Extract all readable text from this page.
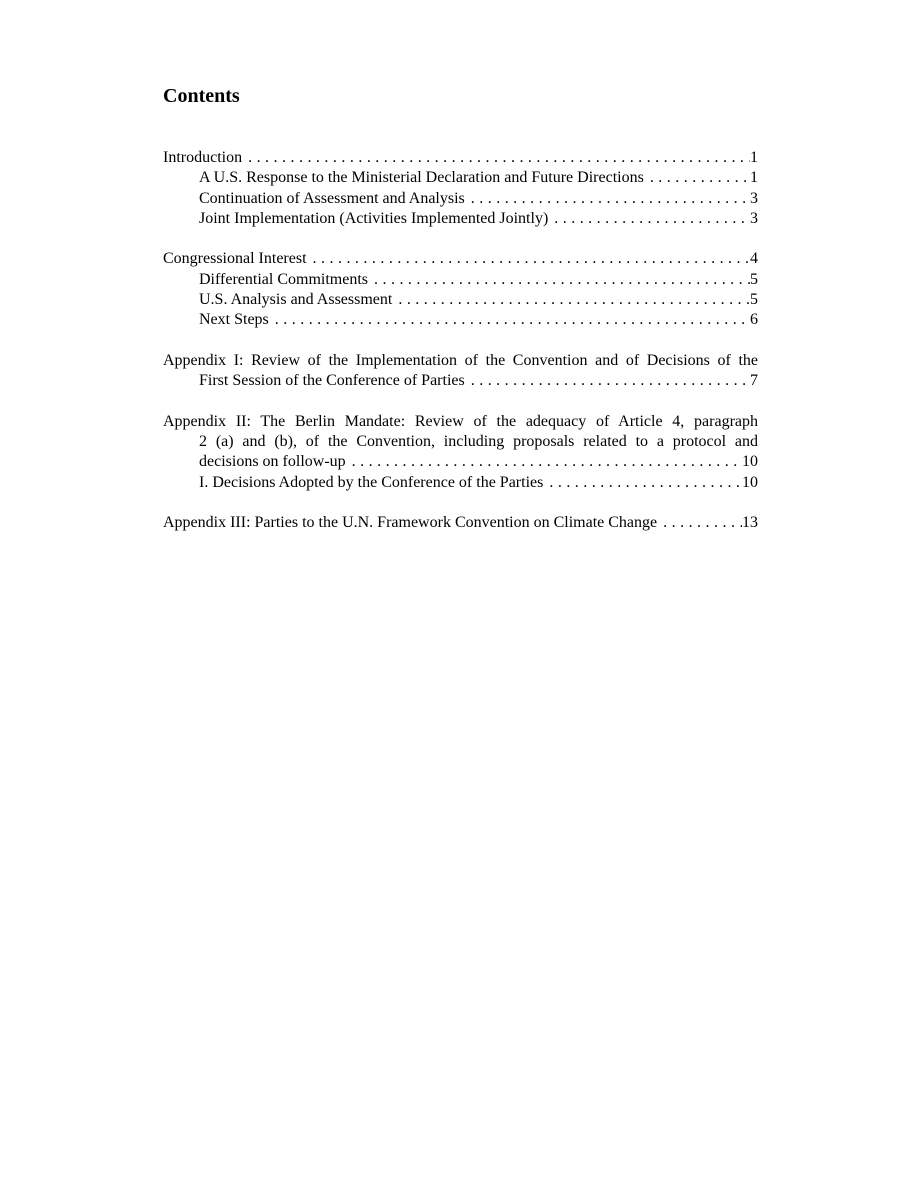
Contents
Introduction .....	1
A U.S. Response to the Ministerial Declaration and Future Directions .....	1
Continuation of Assessment and Analysis .....	3
Joint Implementation (Activities Implemented Jointly) .....	3
Congressional Interest .....	4
Differential Commitments .....	5
U.S. Analysis and Assessment .....	5
Next Steps .....	6
Appendix I: Review of the Implementation of the Convention and of Decisions of the
First Session of the Conference of Parties .....	7
Appendix II: The Berlin Mandate: Review of the adequacy of Article 4, paragraph
2 (a) and (b), of the Convention, including proposals related to a protocol and
decisions on follow-up .....	10
I. Decisions Adopted by the Conference of the Parties .....	10
Appendix III: Parties to the U.N. Framework Convention on Climate Change .....	13
